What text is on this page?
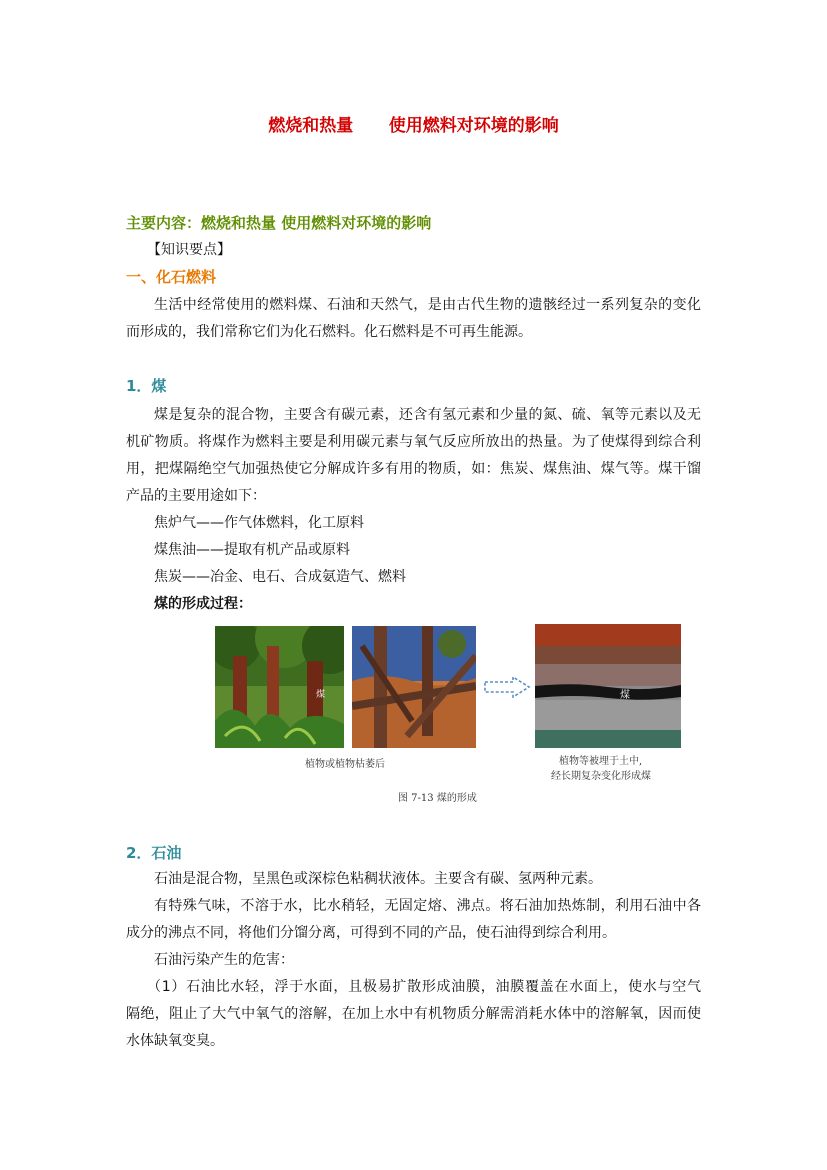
燃烧和热量      使用燃料对环境的影响
主要内容：燃烧和热量 使用燃料对环境的影响
【知识要点】
一、化石燃料
生活中经常使用的燃料煤、石油和天然气，是由古代生物的遗骸经过一系列复杂的变化
而形成的，我们常称它们为化石燃料。化石燃料是不可再生能源。
1．煤
煤是复杂的混合物，主要含有碳元素，还含有氢元素和少量的氮、硫、氧等元素以及无
机矿物质。将煤作为燃料主要是利用碳元素与氧气反应所放出的热量。为了使煤得到综合利
用，把煤隔绝空气加强热使它分解成许多有用的物质，如：焦炭、煤焦油、煤气等。煤干馏
产品的主要用途如下：
焦炉气——作气体燃料，化工原料
煤焦油——提取有机产品或原料
焦炭——冶金、电石、合成氨造气、燃料
煤的形成过程：
煤	煤
植物或植物枯萎后	植物等被埋于土中,
经长期复杂变化形成煤
图 7-13 煤的形成
2．石油
石油是混合物，呈黑色或深棕色粘稠状液体。主要含有碳、氢两种元素。
有特殊气味，不溶于水，比水稍轻，无固定熔、沸点。将石油加热炼制，利用石油中各
成分的沸点不同，将他们分馏分离，可得到不同的产品，使石油得到综合利用。
石油污染产生的危害：
（1）石油比水轻，浮于水面，且极易扩散形成油膜，油膜覆盖在水面上，使水与空气
隔绝，阻止了大气中氧气的溶解，在加上水中有机物质分解需消耗水体中的溶解氧，因而使
水体缺氧变臭。
